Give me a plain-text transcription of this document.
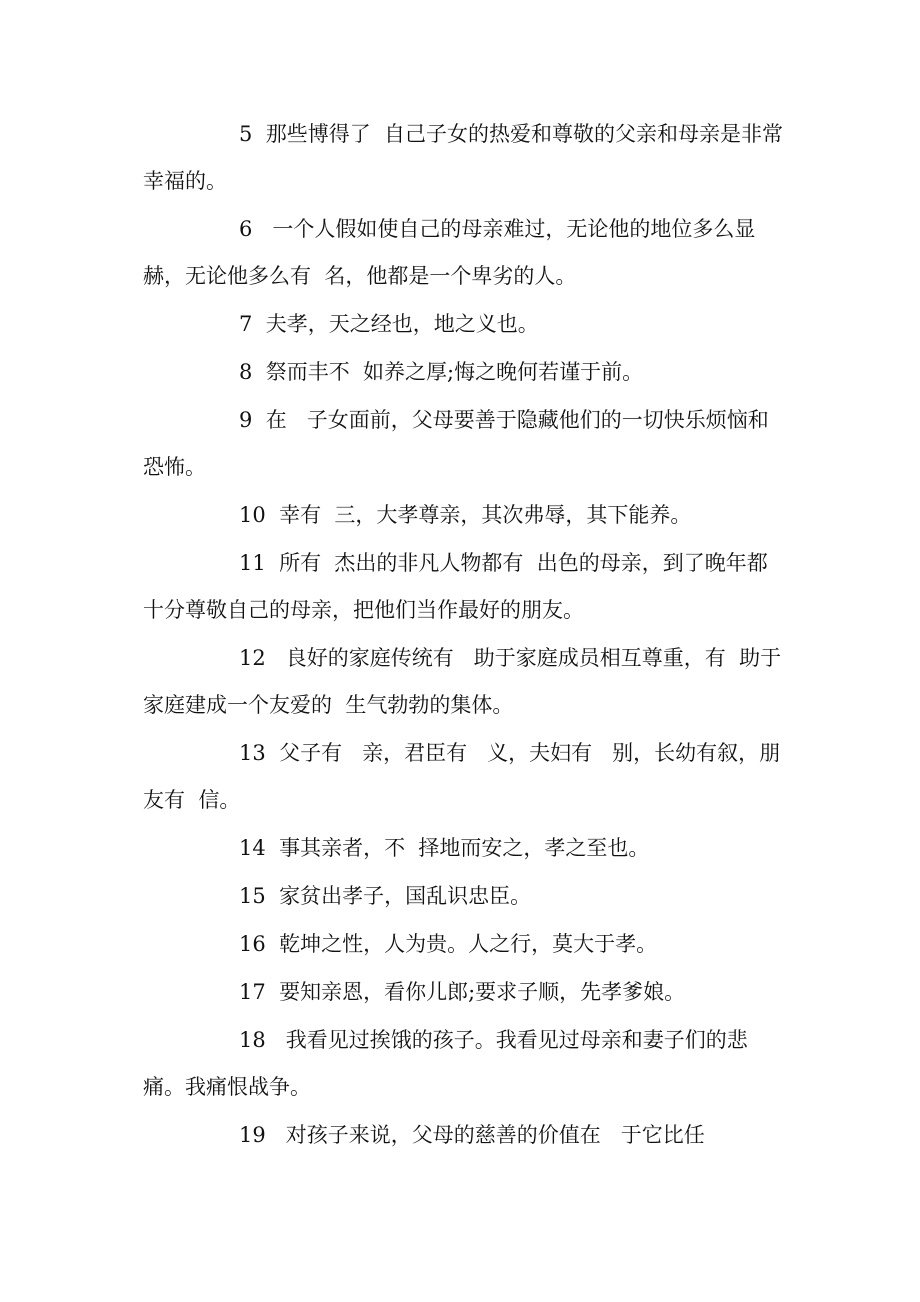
5  那些博得了  自己子女的热爱和尊敬的父亲和母亲是非常幸福的。

6   一个人假如使自己的母亲难过，无论他的地位多么显赫，无论他多么有  名，他都是一个卑劣的人。

7  夫孝，天之经也，地之义也。

8  祭而丰不  如养之厚;悔之晚何若谨于前。

9  在   子女面前，父母要善于隐藏他们的一切快乐烦恼和恐怖。

10  幸有  三，大孝尊亲，其次弗辱，其下能养。

11  所有  杰出的非凡人物都有  出色的母亲，到了晚年都十分尊敬自己的母亲，把他们当作最好的朋友。

12   良好的家庭传统有   助于家庭成员相互尊重，有  助于家庭建成一个友爱的  生气勃勃的集体。

13  父子有   亲，君臣有   义，夫妇有   别，长幼有叙，朋友有  信。

14  事其亲者，不  择地而安之，孝之至也。

15  家贫出孝子，国乱识忠臣。

16  乾坤之性，人为贵。人之行，莫大于孝。

17  要知亲恩，看你儿郎;要求子顺，先孝爹娘。

18   我看见过挨饿的孩子。我看见过母亲和妻子们的悲痛。我痛恨战争。

19   对孩子来说，父母的慈善的价值在   于它比任
